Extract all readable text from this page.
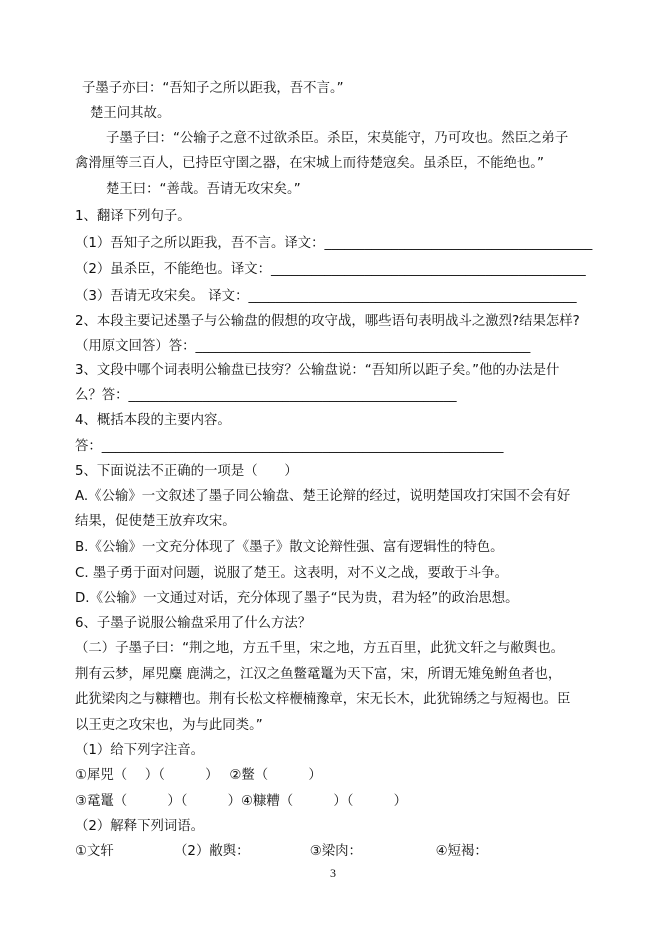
子墨子亦曰：“吾知子之所以距我，吾不言。”
楚王问其故。
子墨子曰：“公输子之意不过欲杀臣。杀臣，宋莫能守，乃可攻也。然臣之弟子
禽滑厘等三百人，已持臣守圉之器，在宋城上而待楚寇矣。虽杀臣，不能绝也。”
楚王曰：“善哉。吾请无攻宋矣。”
1、翻译下列句子。
（1）吾知子之所以距我，吾不言。译文：________________________________________
（2）虽杀臣，不能绝也。译文：_______________________________________________
（3）吾请无攻宋矣。 译文：_________________________________________________
2、本段主要记述墨子与公输盘的假想的攻守战，哪些语句表明战斗之激烈?结果怎样?
（用原文回答）答：__________________________________________________
3、文段中哪个词表明公输盘已技穷？公输盘说：“吾知所以距子矣。”他的办法是什
么？答：_________________________________________________
4、概括本段的主要内容。
答：____________________________________________________________
5、下面说法不正确的一项是（　　）
A.《公输》一文叙述了墨子同公输盘、楚王论辩的经过，说明楚国攻打宋国不会有好
结果，促使楚王放弃攻宋。
B.《公输》一文充分体现了《墨子》散文论辩性强、富有逻辑性的特色。
C. 墨子勇于面对问题，说服了楚王。这表明，对不义之战，要敢于斗争。
D.《公输》一文通过对话，充分体现了墨子“民为贵，君为轻”的政治思想。
6、子墨子说服公输盘采用了什么方法？
（二）子墨子曰：“荆之地，方五千里，宋之地，方五百里，此犹文轩之与敝舆也。
荆有云梦，犀兕麋 鹿满之，江汉之鱼鳖鼋鼍为天下富，宋，所谓无雉兔鲋鱼者也，
此犹梁肉之与糠糟也。荆有长松文梓楩楠豫章，宋无长木，此犹锦绣之与短褐也。臣
以王吏之攻宋也，为与此同类。”
（1）给下列字注音。
①犀兕（　 ）（　　　）　 ②鳖（　　　）
③鼋鼍（　　　）（　　　）④糠糟（　　　）（　　　）
（2）解释下列词语。
①文轩　　　　　（2）敝舆：　　　　　③梁肉：　　　　　　④短褐：
3
